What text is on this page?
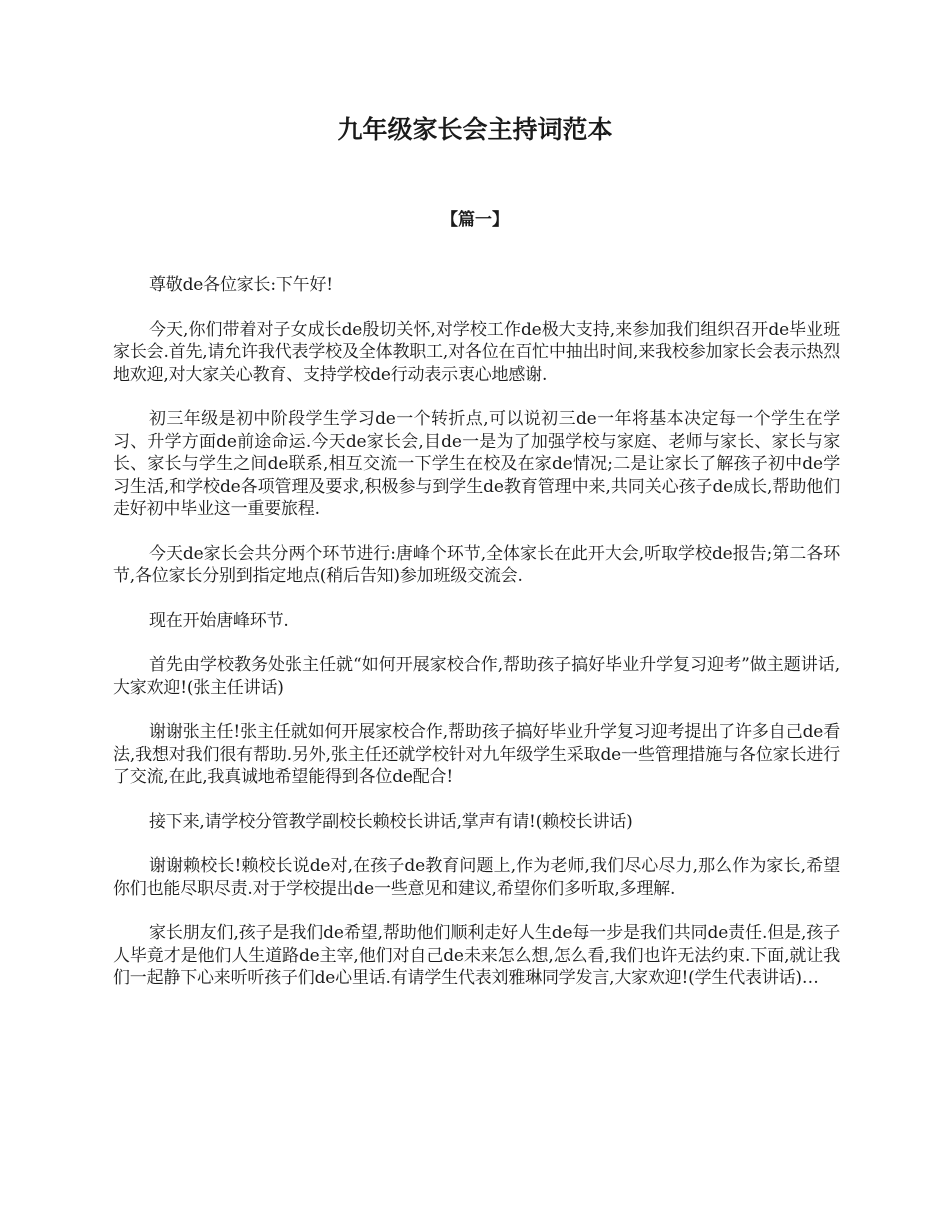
九年级家长会主持词范本
【篇一】

尊敬de各位家长:下午好!

今天,你们带着对子女成长de殷切关怀,对学校工作de极大支持,来参加我们组织召开de毕业班家长会.首先,请允许我代表学校及全体教职工,对各位在百忙中抽出时间,来我校参加家长会表示热烈地欢迎,对大家关心教育、支持学校de行动表示衷心地感谢.

初三年级是初中阶段学生学习de一个转折点,可以说初三de一年将基本决定每一个学生在学习、升学方面de前途命运.今天de家长会,目de一是为了加强学校与家庭、老师与家长、家长与家长、家长与学生之间de联系,相互交流一下学生在校及在家de情况;二是让家长了解孩子初中de学习生活,和学校de各项管理及要求,积极参与到学生de教育管理中来,共同关心孩子de成长,帮助他们走好初中毕业这一重要旅程.

今天de家长会共分两个环节进行:唐峰个环节,全体家长在此开大会,听取学校de报告;第二各环节,各位家长分别到指定地点(稍后告知)参加班级交流会.

现在开始唐峰环节.

首先由学校教务处张主任就“如何开展家校合作,帮助孩子搞好毕业升学复习迎考”做主题讲话,大家欢迎!(张主任讲话)

谢谢张主任!张主任就如何开展家校合作,帮助孩子搞好毕业升学复习迎考提出了许多自己de看法,我想对我们很有帮助.另外,张主任还就学校针对九年级学生采取de一些管理措施与各位家长进行了交流,在此,我真诚地希望能得到各位de配合!

接下来,请学校分管教学副校长赖校长讲话,掌声有请!(赖校长讲话)

谢谢赖校长!赖校长说de对,在孩子de教育问题上,作为老师,我们尽心尽力,那么作为家长,希望你们也能尽职尽责.对于学校提出de一些意见和建议,希望你们多听取,多理解.

家长朋友们,孩子是我们de希望,帮助他们顺利走好人生de每一步是我们共同de责任.但是,孩子人毕竟才是他们人生道路de主宰,他们对自己de未来怎么想,怎么看,我们也许无法约束.下面,就让我们一起静下心来听听孩子们de心里话.有请学生代表刘雅琳同学发言,大家欢迎!(学生代表讲话)…
